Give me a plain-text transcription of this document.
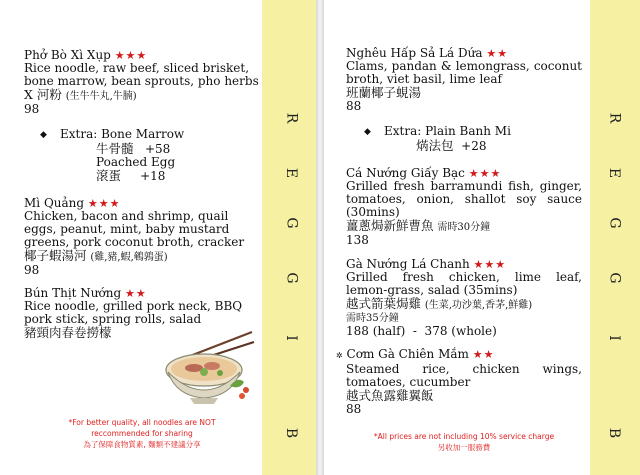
R
E
G
G
I
B
R
E
G
G
I
B
Phở Bò Xì Xụp ★★★
Rice noodle, raw beef, sliced brisket, bone marrow, bean sprouts, pho herbs
X 河粉 (生牛牛丸,牛腩)
98
◆	Extra: Bone Marrow
牛骨髓 +58
Poached Egg
滾蛋 +18
Mì Quảng ★★★
Chicken, bacon and shrimp, quail eggs, peanut, mint, baby mustard greens, pork coconut broth, cracker
椰子蝦湯河 (雞,豬,蝦,鵪鶉蛋)
98
Bún Thịt Nướng ★★
Rice noodle, grilled pork neck, BBQ pork stick, spring rolls, salad
豬頸肉春卷撈檬
*For better quality, all noodles are NOT
reccommended for sharing
為了保障食物質素, 麵類不建議分享
Nghêu Hấp Sả Lá Dứa ★★
Clams, pandan & lemongrass, coconut broth, viet basil, lime leaf
班蘭椰子蜆湯
88
◆	Extra: Plain Banh Mi
焫法包 +28
Cá Nướng Giấy Bạc ★★★
Grilled fresh barramundi fish, ginger, tomatoes, onion, shallot soy sauce (30mins)
薑蔥焗新鮮曹魚 需時30分鐘
138
Gà Nướng Lá Chanh ★★★
Grilled fresh chicken, lime leaf, lemon-grass, salad (35mins)
越式箭葉焗雞 (生菜,功沙葉,香茅,鮮雞)
需時35分鐘
188 (half)  -  378 (whole)
✲ Cơm Gà Chiên Mắm ★★
Steamed rice, chicken wings, tomatoes, cucumber
越式魚露雞翼飯
88
*All prices are not including 10% service charge
另收加一服務費
